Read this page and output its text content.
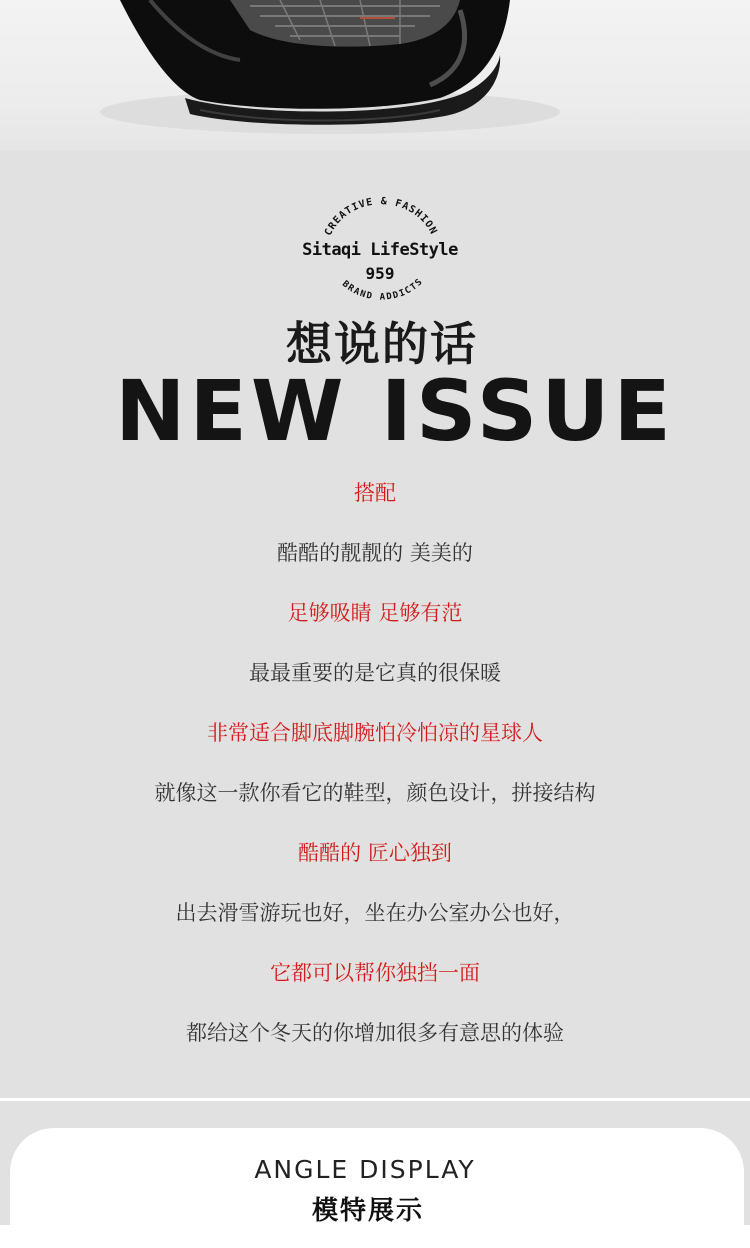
CREATIVE & FASHION
BRAND ADDICTS
Sitaqi LifeStyle
959
想说的话
NEW ISSUE
搭配
酷酷的靓靓的 美美的
足够吸睛 足够有范
最最重要的是它真的很保暖
非常适合脚底脚腕怕冷怕凉的星球人
就像这一款你看它的鞋型，颜色设计，拼接结构
酷酷的 匠心独到
出去滑雪游玩也好，坐在办公室办公也好，
它都可以帮你独挡一面
都给这个冬天的你增加很多有意思的体验
ANGLE DISPLAY
模特展示
